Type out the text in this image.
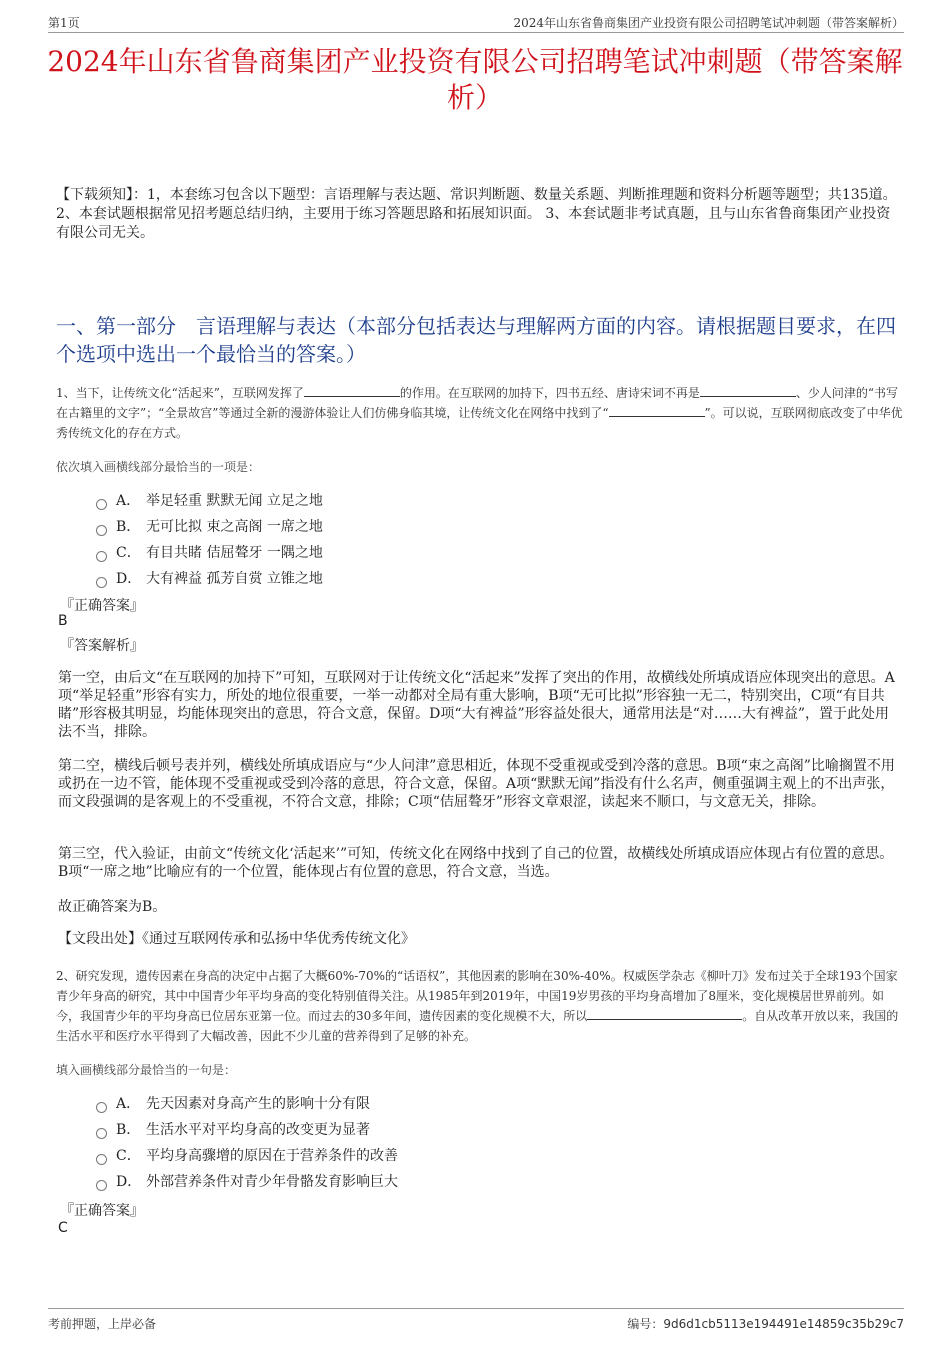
第1页	2024年山东省鲁商集团产业投资有限公司招聘笔试冲刺题（带答案解析）
2024年山东省鲁商集团产业投资有限公司招聘笔试冲刺题（带答案解析）
【下载须知】：1，本套练习包含以下题型：言语理解与表达题、常识判断题、数量关系题、判断推理题和资料分析题等题型；共135道。 2、本套试题根据常见招考题总结归纳，主要用于练习答题思路和拓展知识面。 3、本套试题非考试真题，且与山东省鲁商集团产业投资有限公司无关。
一、第一部分　言语理解与表达（本部分包括表达与理解两方面的内容。请根据题目要求，在四个选项中选出一个最恰当的答案。）
1、当下，让传统文化“活起来”，互联网发挥了	的作用。在互联网的加持下，四书五经、唐诗宋词不再是	、少人问津的“书写在古籍里的文字”；“全景故宫”等通过全新的漫游体验让人们仿佛身临其境，让传统文化在网络中找到了“	”。可以说，互联网彻底改变了中华优秀传统文化的存在方式。
依次填入画横线部分最恰当的一项是：
A． 举足轻重 默默无闻 立足之地
B． 无可比拟 束之高阁 一席之地
C． 有目共睹 佶屈聱牙 一隅之地
D． 大有裨益 孤芳自赏 立锥之地
『正确答案』
B
『答案解析』

第一空，由后文“在互联网的加持下”可知，互联网对于让传统文化“活起来”发挥了突出的作用，故横线处所填成语应体现突出的意思。A项“举足轻重”形容有实力，所处的地位很重要，一举一动都对全局有重大影响，B项“无可比拟”形容独一无二，特别突出，C项“有目共睹”形容极其明显，均能体现突出的意思，符合文意，保留。D项“大有裨益”形容益处很大，通常用法是“对……大有裨益”，置于此处用法不当，排除。

第二空，横线后顿号表并列，横线处所填成语应与“少人问津”意思相近，体现不受重视或受到冷落的意思。B项“束之高阁”比喻搁置不用或扔在一边不管，能体现不受重视或受到冷落的意思，符合文意，保留。A项“默默无闻”指没有什么名声，侧重强调主观上的不出声张，而文段强调的是客观上的不受重视，不符合文意，排除；C项“佶屈聱牙”形容文章艰涩，读起来不顺口，与文意无关，排除。

第三空，代入验证，由前文“传统文化‘活起来’”可知，传统文化在网络中找到了自己的位置，故横线处所填成语应体现占有位置的意思。B项“一席之地”比喻应有的一个位置，能体现占有位置的意思，符合文意，当选。

故正确答案为B。

【文段出处】《通过互联网传承和弘扬中华优秀传统文化》

2、研究发现，遗传因素在身高的决定中占据了大概60%-70%的“话语权”，其他因素的影响在30%-40%。权威医学杂志《柳叶刀》发布过关于全球193个国家青少年身高的研究，其中中国青少年平均身高的变化特别值得关注。从1985年到2019年，中国19岁男孩的平均身高增加了8厘米，变化规模居世界前列。如今，我国青少年的平均身高已位居东亚第一位。而过去的30多年间，遗传因素的变化规模不大，所以	。自从改革开放以来，我国的生活水平和医疗水平得到了大幅改善，因此不少儿童的营养得到了足够的补充。
填入画横线部分最恰当的一句是：
A． 先天因素对身高产生的影响十分有限
B． 生活水平对平均身高的改变更为显著
C． 平均身高骤增的原因在于营养条件的改善
D． 外部营养条件对青少年骨骼发育影响巨大
『正确答案』
C
考前押题，上岸必备	编号：9d6d1cb5113e194491e14859c35b29c7
